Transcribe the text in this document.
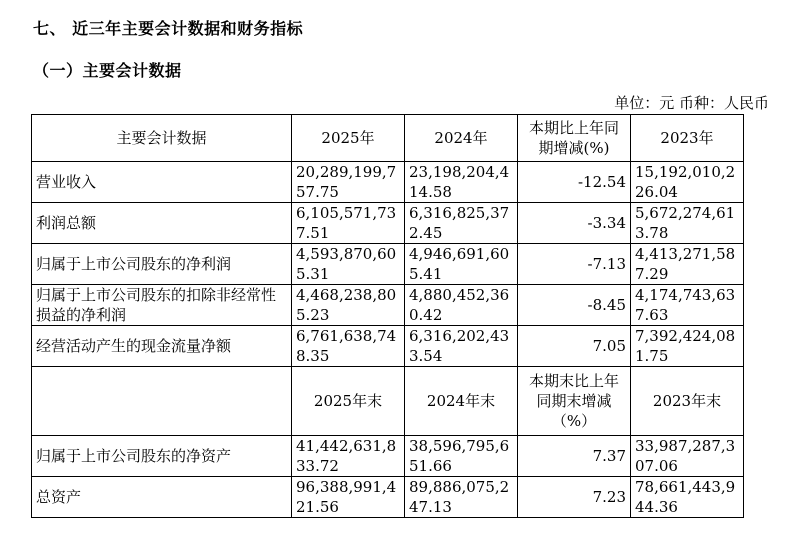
七、 近三年主要会计数据和财务指标
（一）主要会计数据
单位：元 币种：人民币
主要会计数据	2025年	2024年	本期比上年同期增减(%)	2023年
营业收入	20,289,199,757.75	23,198,204,414.58	-12.54	15,192,010,226.04
利润总额	6,105,571,737.51	6,316,825,372.45	-3.34	5,672,274,613.78
归属于上市公司股东的净利润	4,593,870,605.31	4,946,691,605.41	-7.13	4,413,271,587.29
归属于上市公司股东的扣除非经常性损益的净利润	4,468,238,805.23	4,880,452,360.42	-8.45	4,174,743,637.63
经营活动产生的现金流量净额	6,761,638,748.35	6,316,202,433.54	7.05	7,392,424,081.75
	2025年末	2024年末	本期末比上年同期末增减（%）	2023年末
归属于上市公司股东的净资产	41,442,631,833.72	38,596,795,651.66	7.37	33,987,287,307.06
总资产	96,388,991,421.56	89,886,075,247.13	7.23	78,661,443,944.36
